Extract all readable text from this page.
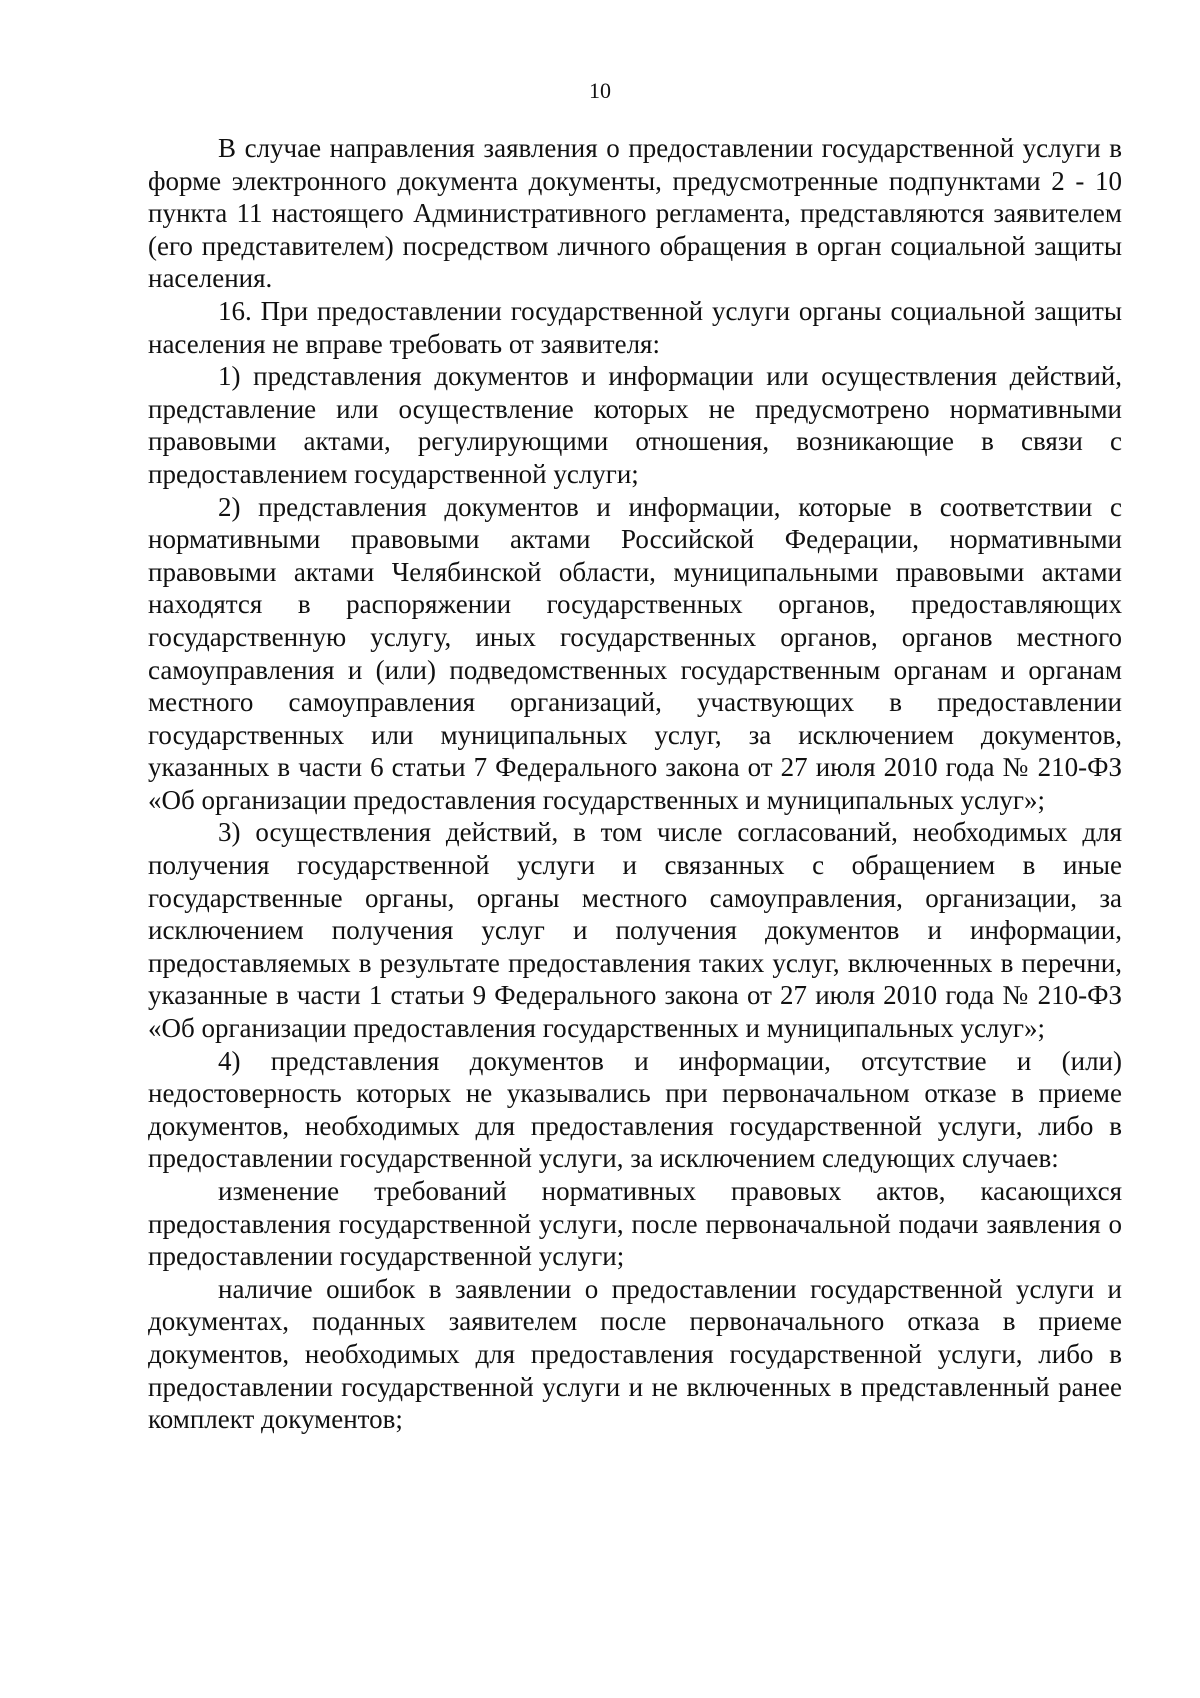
10

В случае направления заявления о предоставлении государственной услуги в форме электронного документа документы, предусмотренные подпунктами 2 - 10 пункта 11 настоящего Административного регламента, представляются заявителем (его представителем) посредством личного обращения в орган социальной защиты населения.

16. При предоставлении государственной услуги органы социальной защиты населения не вправе требовать от заявителя:

1) представления документов и информации или осуществления действий, представление или осуществление которых не предусмотрено нормативными правовыми актами, регулирующими отношения, возникающие в связи с предоставлением государственной услуги;

2) представления документов и информации, которые в соответствии с нормативными правовыми актами Российской Федерации, нормативными правовыми актами Челябинской области, муниципальными правовыми актами находятся в распоряжении государственных органов, предоставляющих государственную услугу, иных государственных органов, органов местного самоуправления и (или) подведомственных государственным органам и органам местного самоуправления организаций, участвующих в предоставлении государственных или муниципальных услуг, за исключением документов, указанных в части 6 статьи 7 Федерального закона от 27 июля 2010 года № 210-ФЗ «Об организации предоставления государственных и муниципальных услуг»;

3) осуществления действий, в том числе согласований, необходимых для получения государственной услуги и связанных с обращением в иные государственные органы, органы местного самоуправления, организации, за исключением получения услуг и получения документов и информации, предоставляемых в результате предоставления таких услуг, включенных в перечни, указанные в части 1 статьи 9 Федерального закона от 27 июля 2010 года № 210-ФЗ «Об организации предоставления государственных и муниципальных услуг»;

4) представления документов и информации, отсутствие и (или) недостоверность которых не указывались при первоначальном отказе в приеме документов, необходимых для предоставления государственной услуги, либо в предоставлении государственной услуги, за исключением следующих случаев:

изменение требований нормативных правовых актов, касающихся предоставления государственной услуги, после первоначальной подачи заявления о предоставлении государственной услуги;

наличие ошибок в заявлении о предоставлении государственной услуги и документах, поданных заявителем после первоначального отказа в приеме документов, необходимых для предоставления государственной услуги, либо в предоставлении государственной услуги и не включенных в представленный ранее комплект документов;
